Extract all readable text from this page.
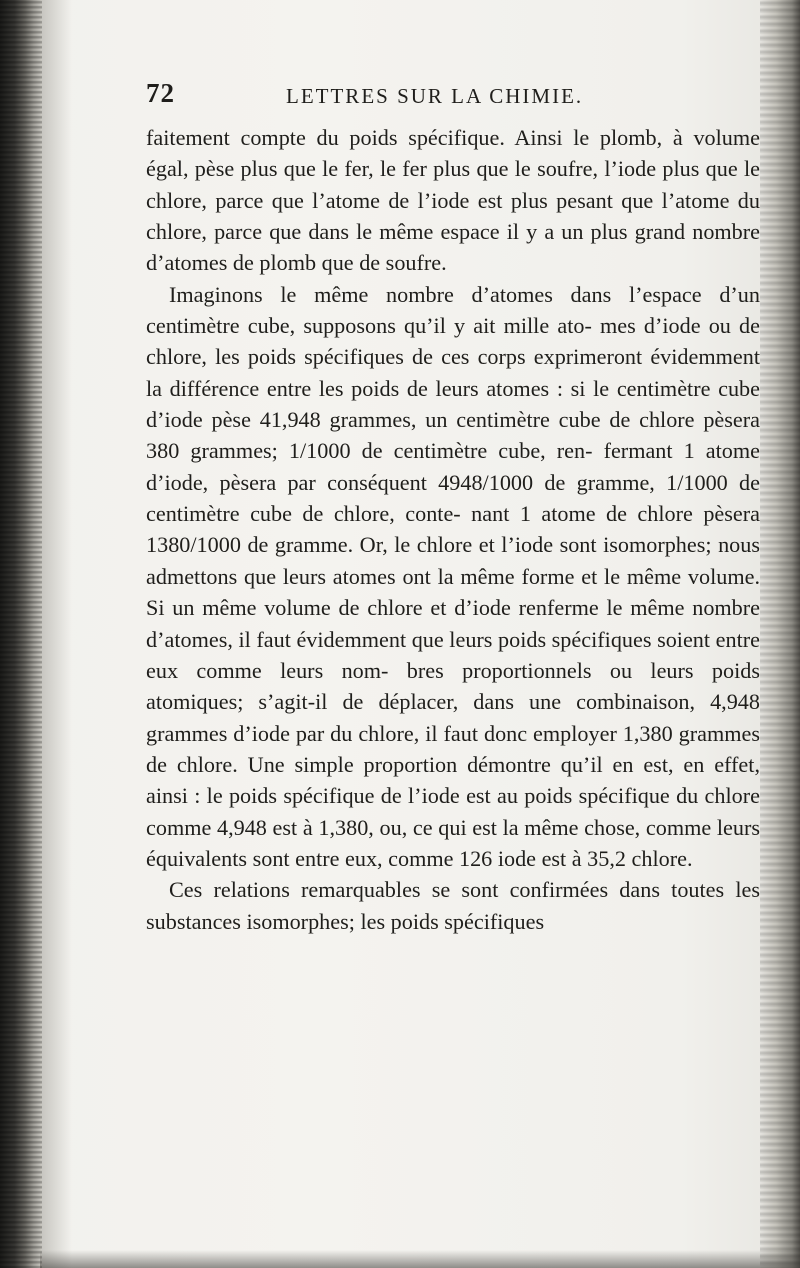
72	LETTRES SUR LA CHIMIE.

faitement compte du poids spécifique. Ainsi le plomb, à volume égal, pèse plus que le fer, le fer plus que le soufre, l’iode plus que le chlore, parce que l’atome de l’iode est plus pesant que l’atome du chlore, parce que dans le même espace il y a un plus grand nombre d’atomes de plomb que de soufre.

Imaginons le même nombre d’atomes dans l’espace d’un centimètre cube, supposons qu’il y ait mille ato- mes d’iode ou de chlore, les poids spécifiques de ces corps exprimeront évidemment la différence entre les poids de leurs atomes : si le centimètre cube d’iode pèse 41,948 grammes, un centimètre cube de chlore pèsera 380 grammes; 1/1000 de centimètre cube, ren- fermant 1 atome d’iode, pèsera par conséquent 4948/1000 de gramme, 1/1000 de centimètre cube de chlore, conte- nant 1 atome de chlore pèsera 1380/1000 de gramme. Or, le chlore et l’iode sont isomorphes; nous admettons que leurs atomes ont la même forme et le même volume. Si un même volume de chlore et d’iode renferme le même nombre d’atomes, il faut évidemment que leurs poids spécifiques soient entre eux comme leurs nom- bres proportionnels ou leurs poids atomiques; s’agit-il de déplacer, dans une combinaison, 4,948 grammes d’iode par du chlore, il faut donc employer 1,380 grammes de chlore. Une simple proportion démontre qu’il en est, en effet, ainsi : le poids spécifique de l’iode est au poids spécifique du chlore comme 4,948 est à 1,380, ou, ce qui est la même chose, comme leurs équivalents sont entre eux, comme 126 iode est à 35,2 chlore.

Ces relations remarquables se sont confirmées dans toutes les substances isomorphes; les poids spécifiques
